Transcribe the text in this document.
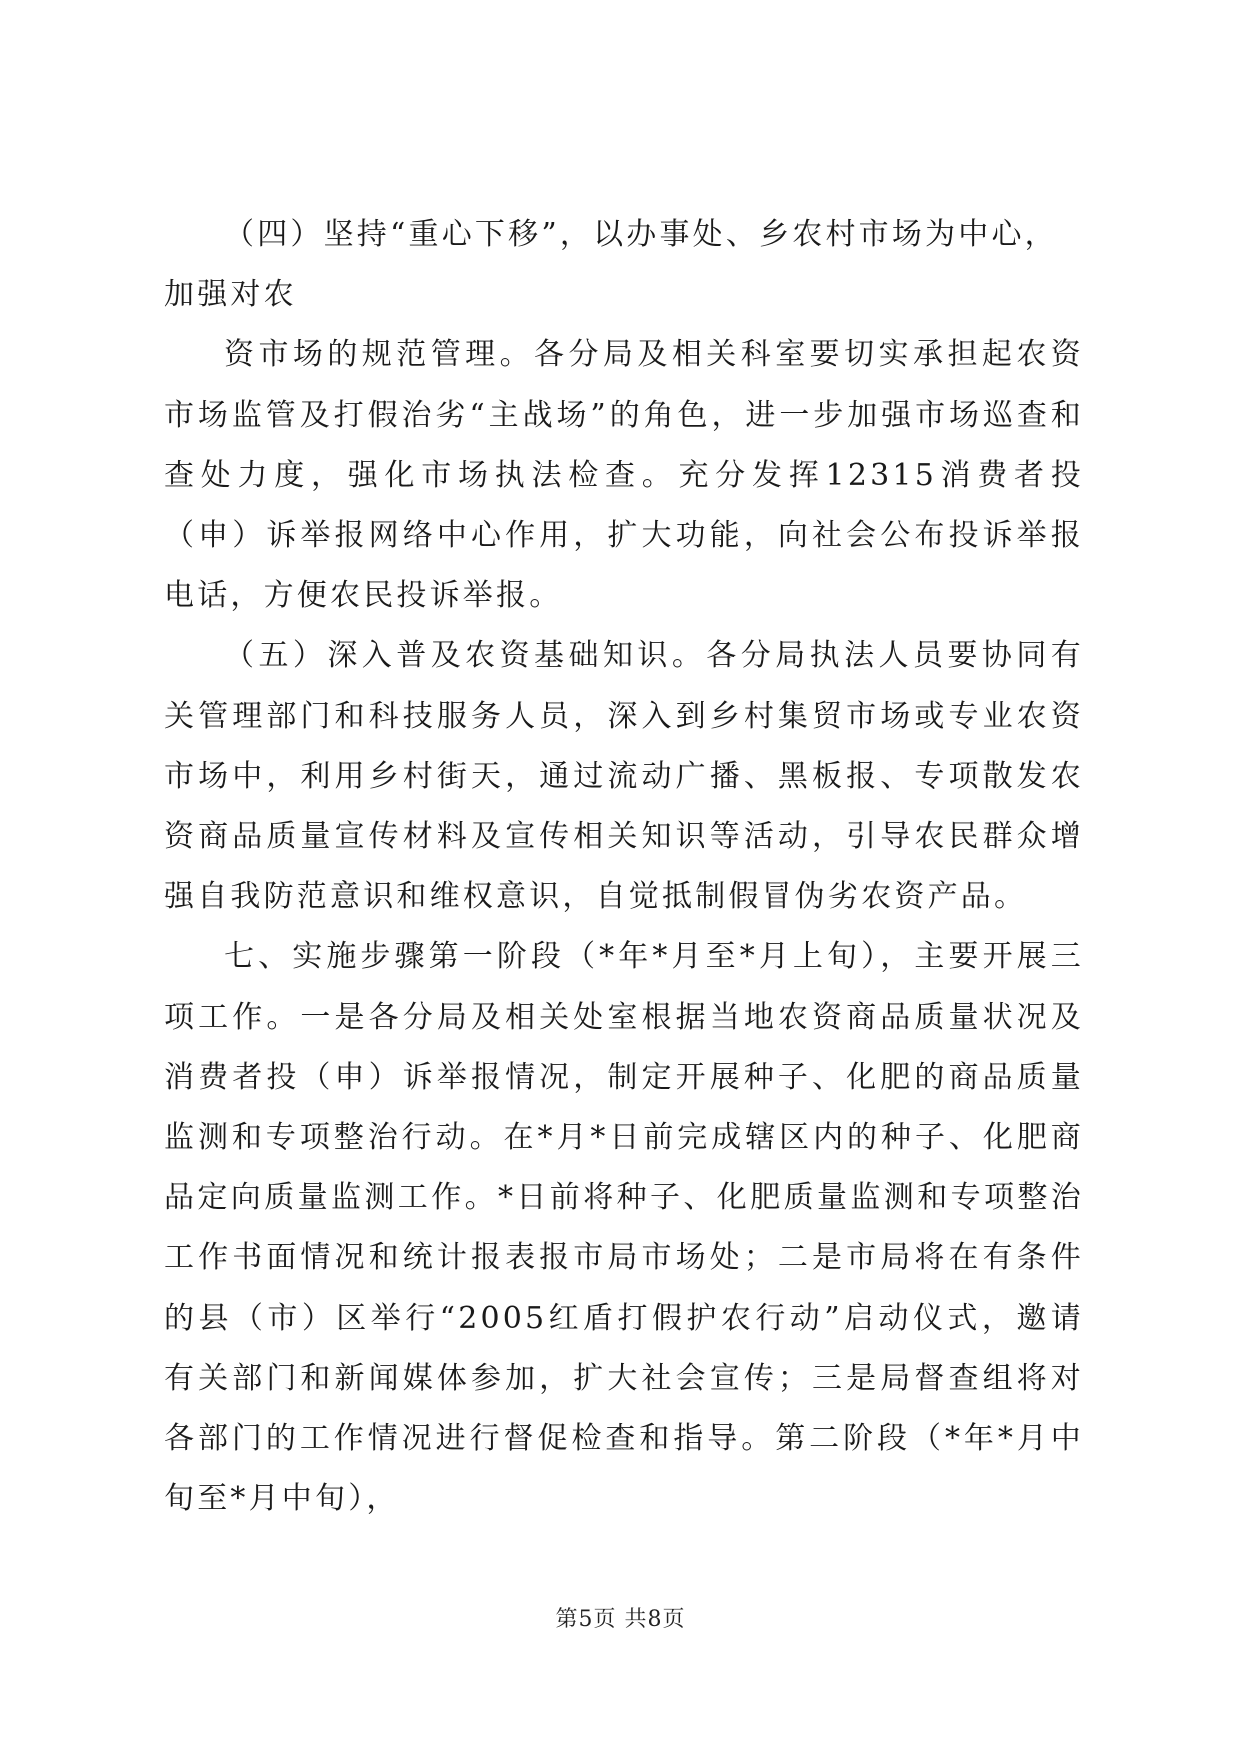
（四）坚持“重心下移”，以办事处、乡农村市场为中心，

加强对农

资市场的规范管理。各分局及相关科室要切实承担起农资市场监管及打假治劣“主战场”的角色，进一步加强市场巡查和查处力度，强化市场执法检查。充分发挥12315消费者投（申）诉举报网络中心作用，扩大功能，向社会公布投诉举报电话，方便农民投诉举报。

（五）深入普及农资基础知识。各分局执法人员要协同有关管理部门和科技服务人员，深入到乡村集贸市场或专业农资市场中，利用乡村街天，通过流动广播、黑板报、专项散发农资商品质量宣传材料及宣传相关知识等活动，引导农民群众增强自我防范意识和维权意识，自觉抵制假冒伪劣农资产品。

七、实施步骤第一阶段（*年*月至*月上旬），主要开展三项工作。一是各分局及相关处室根据当地农资商品质量状况及消费者投（申）诉举报情况，制定开展种子、化肥的商品质量监测和专项整治行动。在*月*日前完成辖区内的种子、化肥商品定向质量监测工作。*日前将种子、化肥质量监测和专项整治工作书面情况和统计报表报市局市场处；二是市局将在有条件的县（市）区举行“2005红盾打假护农行动”启动仪式，邀请有关部门和新闻媒体参加，扩大社会宣传；三是局督查组将对各部门的工作情况进行督促检查和指导。第二阶段（*年*月中旬至*月中旬），

第5页 共8页
